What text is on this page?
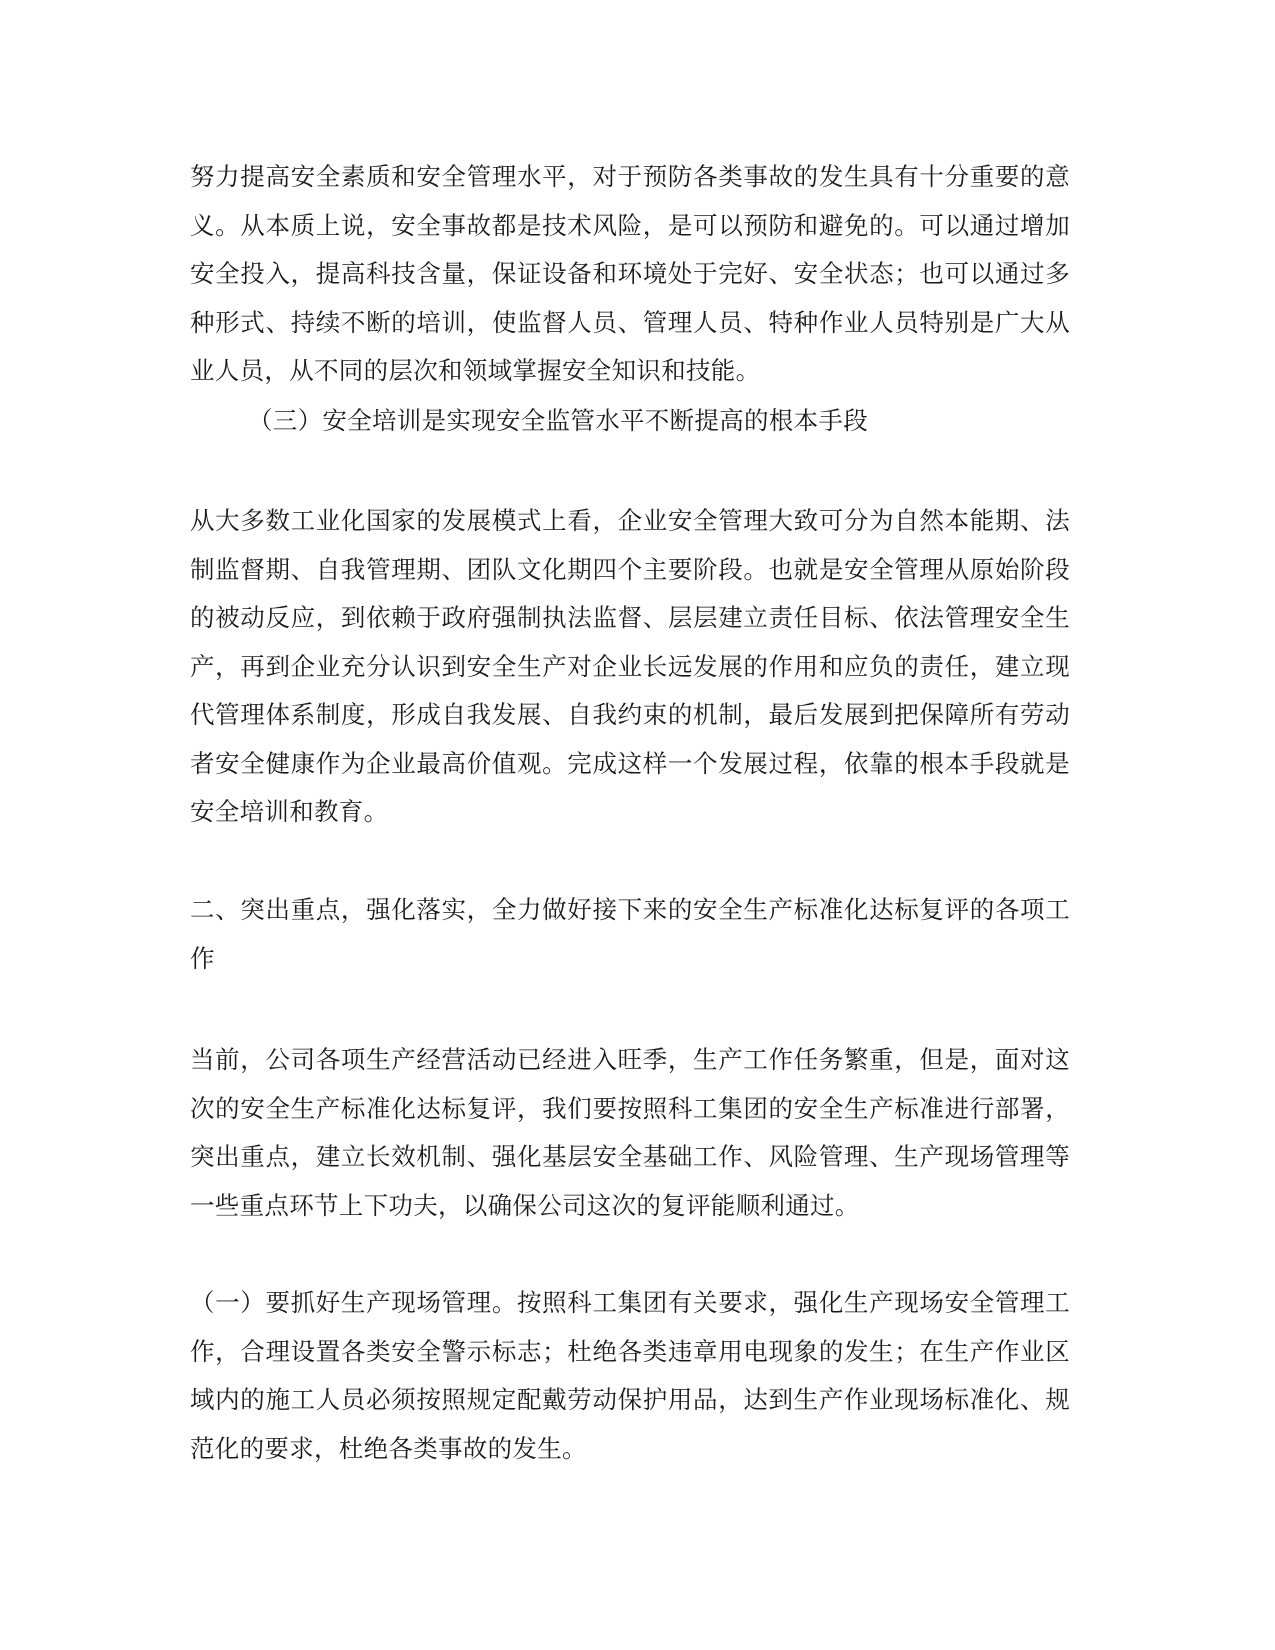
努力提高安全素质和安全管理水平，对于预防各类事故的发生具有十分重要的意义。从本质上说，安全事故都是技术风险，是可以预防和避免的。可以通过增加安全投入，提高科技含量，保证设备和环境处于完好、安全状态；也可以通过多种形式、持续不断的培训，使监督人员、管理人员、特种作业人员特别是广大从业人员，从不同的层次和领域掌握安全知识和技能。

（三）安全培训是实现安全监管水平不断提高的根本手段

从大多数工业化国家的发展模式上看，企业安全管理大致可分为自然本能期、法制监督期、自我管理期、团队文化期四个主要阶段。也就是安全管理从原始阶段的被动反应，到依赖于政府强制执法监督、层层建立责任目标、依法管理安全生产，再到企业充分认识到安全生产对企业长远发展的作用和应负的责任，建立现代管理体系制度，形成自我发展、自我约束的机制，最后发展到把保障所有劳动者安全健康作为企业最高价值观。完成这样一个发展过程，依靠的根本手段就是安全培训和教育。

二、突出重点，强化落实，全力做好接下来的安全生产标准化达标复评的各项工作

当前，公司各项生产经营活动已经进入旺季，生产工作任务繁重，但是，面对这次的安全生产标准化达标复评，我们要按照科工集团的安全生产标准进行部署，突出重点，建立长效机制、强化基层安全基础工作、风险管理、生产现场管理等一些重点环节上下功夫，以确保公司这次的复评能顺利通过。

（一）要抓好生产现场管理。按照科工集团有关要求，强化生产现场安全管理工作，合理设置各类安全警示标志；杜绝各类违章用电现象的发生；在生产作业区域内的施工人员必须按照规定配戴劳动保护用品，达到生产作业现场标准化、规范化的要求，杜绝各类事故的发生。
